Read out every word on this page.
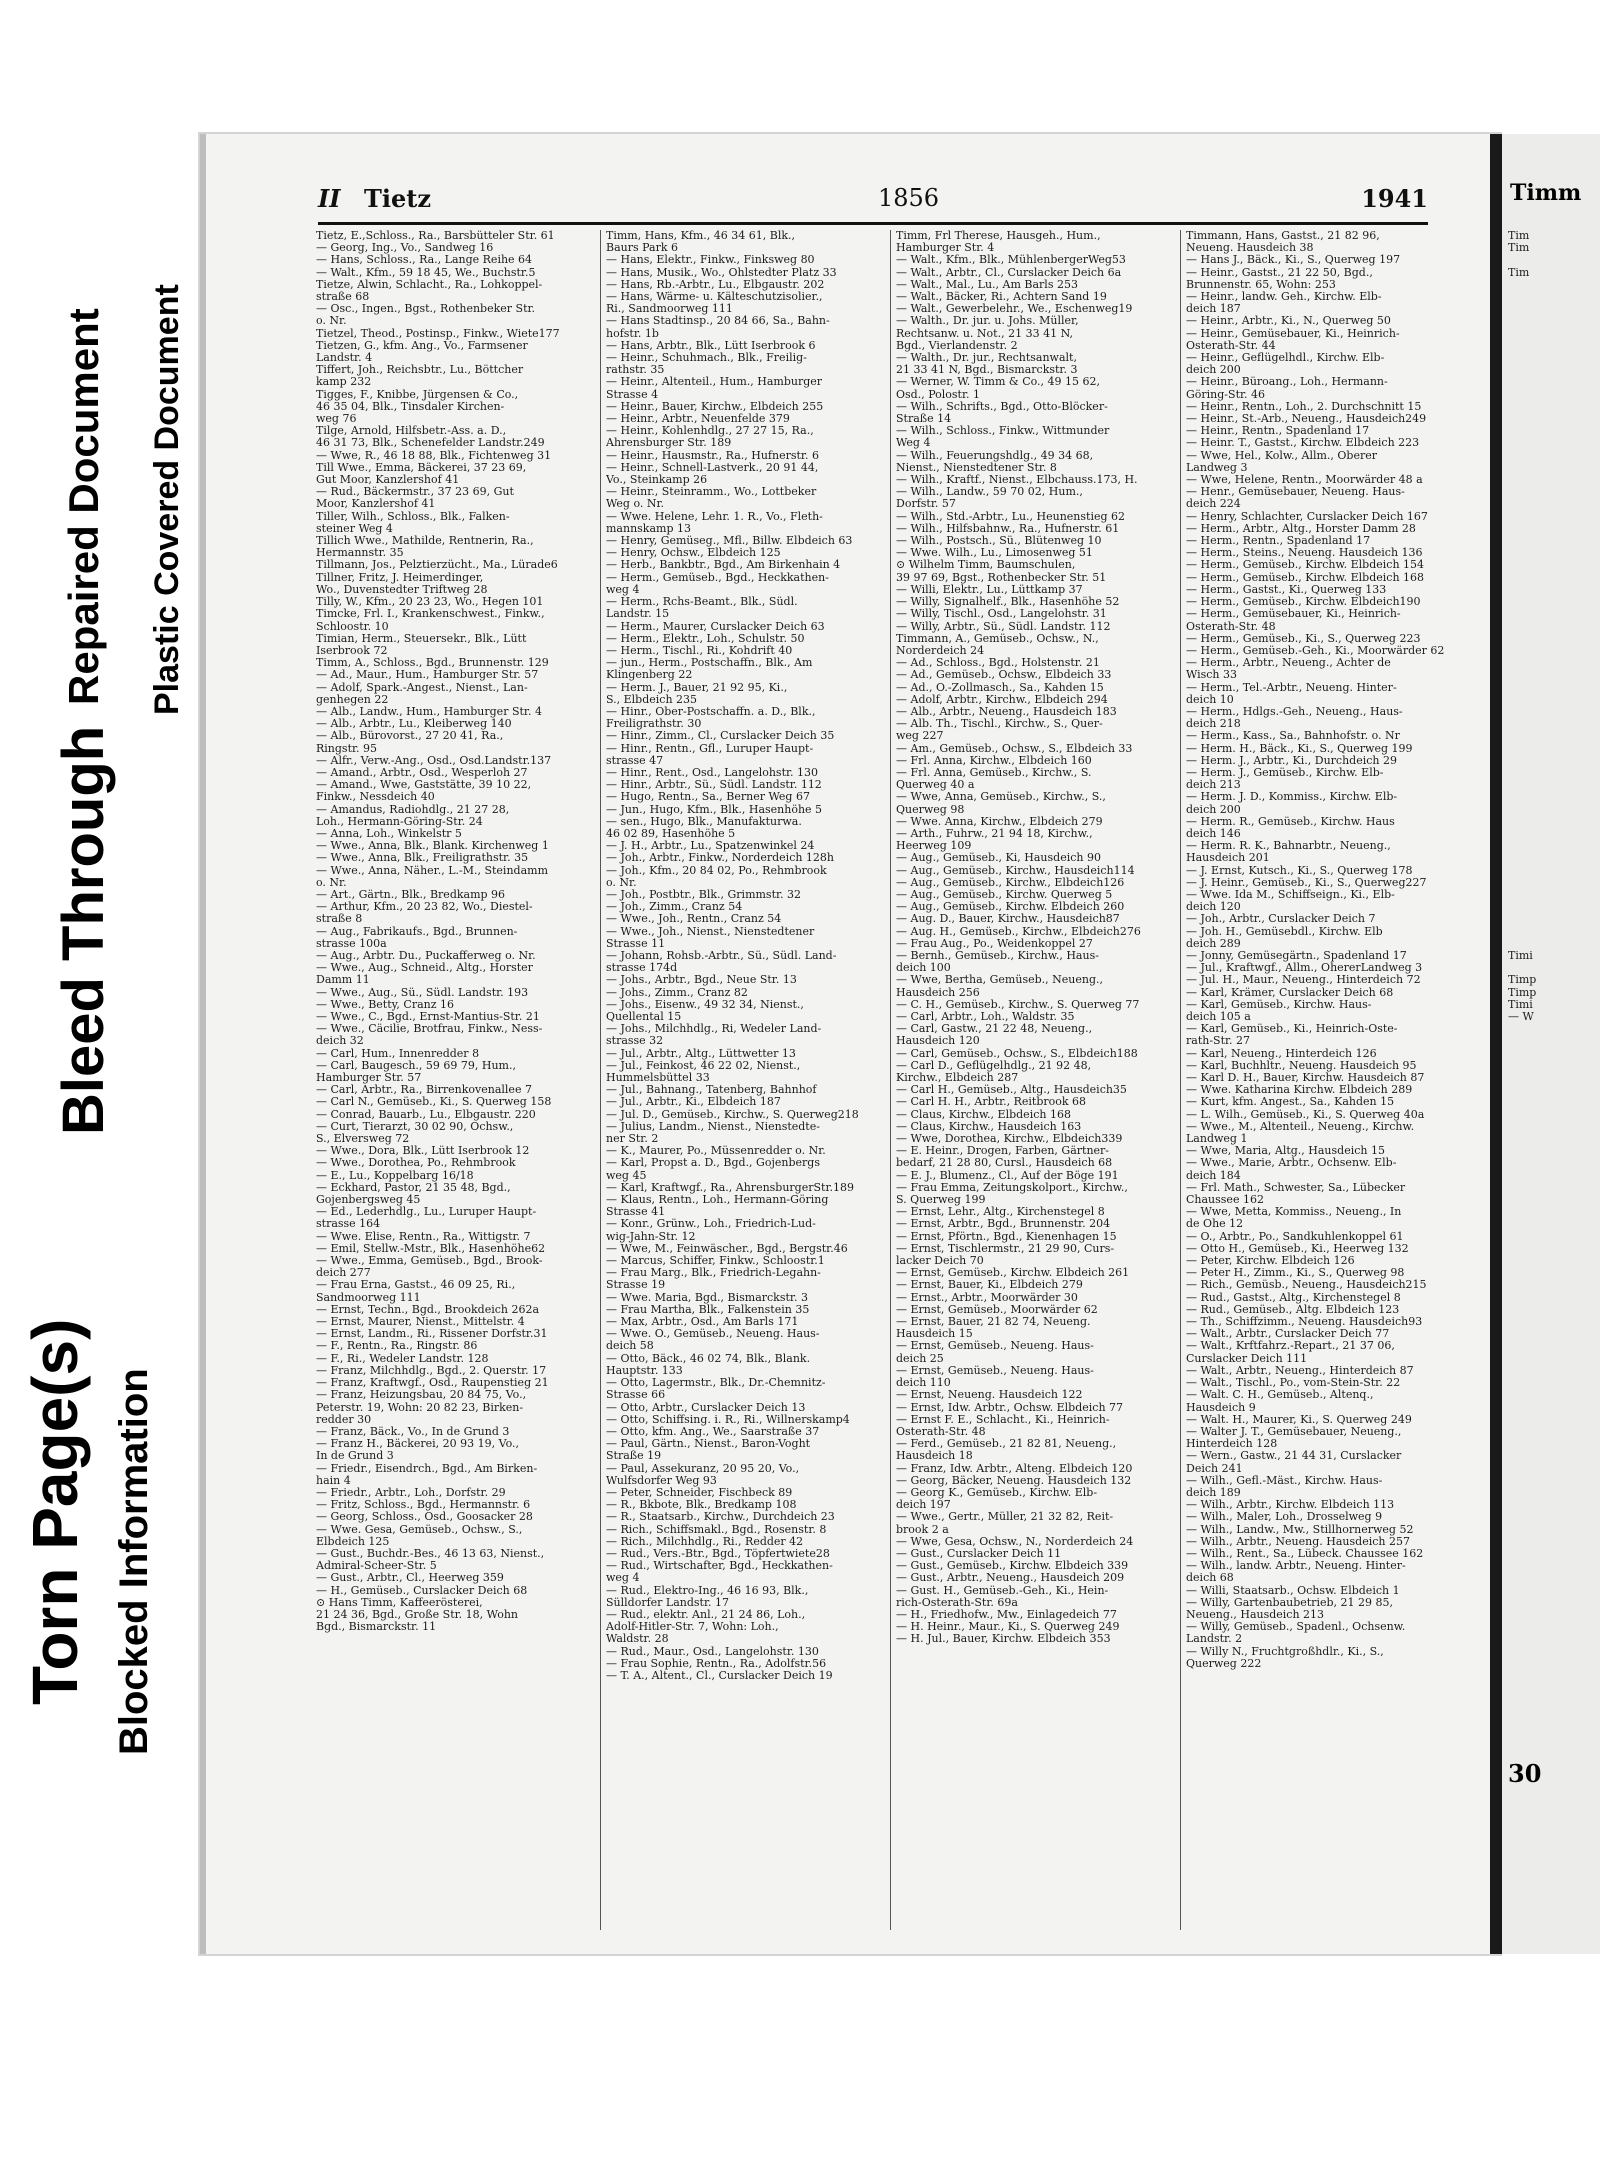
II Tietz	1856	1941
Tietz, E.,Schloss., Ra., Barsbütteler Str. 61
— Georg, Ing., Vo., Sandweg 16
— Hans, Schloss., Ra., Lange Reihe 64
— Walt., Kfm., 59 18 45, We., Buchstr.5
Tietze, Alwin, Schlacht., Ra., Lohkoppel-
straße 68
— Osc., Ingen., Bgst., Rothenbeker Str.
o. Nr.
Tietzel, Theod., Postinsp., Finkw., Wiete177
Tietzen, G., kfm. Ang., Vo., Farmsener
Landstr. 4
Tiffert, Joh., Reichsbtr., Lu., Böttcher
kamp 232
Tigges, F., Knibbe, Jürgensen & Co.,
46 35 04, Blk., Tinsdaler Kirchen-
weg 76
Tilge, Arnold, Hilfsbetr.-Ass. a. D.,
46 31 73, Blk., Schenefelder Landstr.249
— Wwe, R., 46 18 88, Blk., Fichtenweg 31
Till Wwe., Emma, Bäckerei, 37 23 69,
Gut Moor, Kanzlershof 41
— Rud., Bäckermstr., 37 23 69, Gut
Moor, Kanzlershof 41
Tiller, Wilh., Schloss., Blk., Falken-
steiner Weg 4
Tillich Wwe., Mathilde, Rentnerin, Ra.,
Hermannstr. 35
Tillmann, Jos., Pelztierzücht., Ma., Lürade6
Tillner, Fritz, J. Heimerdinger,
Wo., Duvenstedter Triftweg 28
Tilly, W., Kfm., 20 23 23, Wo., Hegen 101
Timcke, Frl. I., Krankenschwest., Finkw.,
Schloostr. 10
Timian, Herm., Steuersekr., Blk., Lütt
Iserbrook 72
Timm, A., Schloss., Bgd., Brunnenstr. 129
— Ad., Maur., Hum., Hamburger Str. 57
— Adolf, Spark.-Angest., Nienst., Lan-
genhegen 22
— Alb., Landw., Hum., Hamburger Str. 4
— Alb., Arbtr., Lu., Kleiberweg 140
— Alb., Bürovorst., 27 20 41, Ra.,
Ringstr. 95
— Alfr., Verw.-Ang., Osd., Osd.Landstr.137
— Amand., Arbtr., Osd., Wesperloh 27
— Amand., Wwe, Gaststätte, 39 10 22,
Finkw., Nessdeich 40
— Amandus, Radiohdlg., 21 27 28,
Loh., Hermann-Göring-Str. 24
— Anna, Loh., Winkelstr 5
— Wwe., Anna, Blk., Blank. Kirchenweg 1
— Wwe., Anna, Blk., Freiligrathstr. 35
— Wwe., Anna, Näher., L.-M., Steindamm
o. Nr.
— Art., Gärtn., Blk., Bredkamp 96
— Arthur, Kfm., 20 23 82, Wo., Diestel-
straße 8
— Aug., Fabrikaufs., Bgd., Brunnen-
strasse 100a
— Aug., Arbtr. Du., Puckafferweg o. Nr.
— Wwe., Aug., Schneid., Altg., Horster
Damm 11
— Wwe., Aug., Sü., Südl. Landstr. 193
— Wwe., Betty, Cranz 16
— Wwe., C., Bgd., Ernst-Mantius-Str. 21
— Wwe., Cäcilie, Brotfrau, Finkw., Ness-
deich 32
— Carl, Hum., Innenredder 8
— Carl, Baugesch., 59 69 79, Hum.,
Hamburger Str. 57
— Carl, Arbtr., Ra., Birrenkovenallee 7
— Carl N., Gemüseb., Ki., S. Querweg 158
— Conrad, Bauarb., Lu., Elbgaustr. 220
— Curt, Tierarzt, 30 02 90, Ochsw.,
S., Elversweg 72
— Wwe., Dora, Blk., Lütt Iserbrook 12
— Wwe., Dorothea, Po., Rehmbrook
— E., Lu., Koppelbarg 16/18
— Eckhard, Pastor, 21 35 48, Bgd.,
Gojenbergsweg 45
— Ed., Lederhdlg., Lu., Luruper Haupt-
strasse 164
— Wwe. Elise, Rentn., Ra., Wittigstr. 7
— Emil, Stellw.-Mstr., Blk., Hasenhöhe62
— Wwe., Emma, Gemüseb., Bgd., Brook-
deich 277
— Frau Erna, Gastst., 46 09 25, Ri.,
Sandmoorweg 111
— Ernst, Techn., Bgd., Brookdeich 262a
— Ernst, Maurer, Nienst., Mittelstr. 4
— Ernst, Landm., Ri., Rissener Dorfstr.31
— F., Rentn., Ra., Ringstr. 86
— F., Ri., Wedeler Landstr. 128
— Franz, Milchhdlg., Bgd., 2. Querstr. 17
— Franz, Kraftwgf., Osd., Raupenstieg 21
— Franz, Heizungsbau, 20 84 75, Vo.,
Peterstr. 19, Wohn: 20 82 23, Birken-
redder 30
— Franz, Bäck., Vo., In de Grund 3
— Franz H., Bäckerei, 20 93 19, Vo.,
In de Grund 3
— Friedr., Eisendrch., Bgd., Am Birken-
hain 4
— Friedr., Arbtr., Loh., Dorfstr. 29
— Fritz, Schloss., Bgd., Hermannstr. 6
— Georg, Schloss., Osd., Goosacker 28
— Wwe. Gesa, Gemüseb., Ochsw., S.,
Elbdeich 125
— Gust., Buchdr.-Bes., 46 13 63, Nienst.,
Admiral-Scheer-Str. 5
— Gust., Arbtr., Cl., Heerweg 359
— H., Gemüseb., Curslacker Deich 68
⊙ Hans Timm, Kaffeerösterei,
21 24 36, Bgd., Große Str. 18, Wohn
Bgd., Bismarckstr. 11
Timm, Hans, Kfm., 46 34 61, Blk.,
Baurs Park 6
— Hans, Elektr., Finkw., Finksweg 80
— Hans, Musik., Wo., Ohlstedter Platz 33
— Hans, Rb.-Arbtr., Lu., Elbgaustr. 202
— Hans, Wärme- u. Kälteschutzisolier.,
Ri., Sandmoorweg 111
— Hans Stadtinsp., 20 84 66, Sa., Bahn-
hofstr. 1b
— Hans, Arbtr., Blk., Lütt Iserbrook 6
— Heinr., Schuhmach., Blk., Freilig-
rathstr. 35
— Heinr., Altenteil., Hum., Hamburger
Strasse 4
— Heinr., Bauer, Kirchw., Elbdeich 255
— Heinr., Arbtr., Neuenfelde 379
— Heinr., Kohlenhdlg., 27 27 15, Ra.,
Ahrensburger Str. 189
— Heinr., Hausmstr., Ra., Hufnerstr. 6
— Heinr., Schnell-Lastverk., 20 91 44,
Vo., Steinkamp 26
— Heinr., Steinramm., Wo., Lottbeker
Weg o. Nr.
— Wwe. Helene, Lehr. 1. R., Vo., Fleth-
mannskamp 13
— Henry, Gemüseg., Mfl., Billw. Elbdeich 63
— Henry, Ochsw., Elbdeich 125
— Herb., Bankbtr., Bgd., Am Birkenhain 4
— Herm., Gemüseb., Bgd., Heckkathen-
weg 4
— Herm., Rchs-Beamt., Blk., Südl.
Landstr. 15
— Herm., Maurer, Curslacker Deich 63
— Herm., Elektr., Loh., Schulstr. 50
— Herm., Tischl., Ri., Kohdrift 40
— jun., Herm., Postschaffn., Blk., Am
Klingenberg 22
— Herm. J., Bauer, 21 92 95, Ki.,
S., Elbdeich 235
— Hinr., Ober-Postschaffn. a. D., Blk.,
Freiligrathstr. 30
— Hinr., Zimm., Cl., Curslacker Deich 35
— Hinr., Rentn., Gfl., Luruper Haupt-
strasse 47
— Hinr., Rent., Osd., Langelohstr. 130
— Hinr., Arbtr., Sü., Südl. Landstr. 112
— Hugo, Rentn., Sa., Berner Weg 67
— Jun., Hugo, Kfm., Blk., Hasenhöhe 5
— sen., Hugo, Blk., Manufakturwa.
46 02 89, Hasenhöhe 5
— J. H., Arbtr., Lu., Spatzenwinkel 24
— Joh., Arbtr., Finkw., Norderdeich 128h
— Joh., Kfm., 20 84 02, Po., Rehmbrook
o. Nr.
— Joh., Postbtr., Blk., Grimmstr. 32
— Joh., Zimm., Cranz 54
— Wwe., Joh., Rentn., Cranz 54
— Wwe., Joh., Nienst., Nienstedtener
Strasse 11
— Johann, Rohsb.-Arbtr., Sü., Südl. Land-
strasse 174d
— Johs., Arbtr., Bgd., Neue Str. 13
— Johs., Zimm., Cranz 82
— Johs., Eisenw., 49 32 34, Nienst.,
Quellental 15
— Johs., Milchhdlg., Ri, Wedeler Land-
strasse 32
— Jul., Arbtr., Altg., Lüttwetter 13
— Jul., Feinkost, 46 22 02, Nienst.,
Hummelsbüttel 33
— Jul., Bahnang., Tatenberg, Bahnhof
— Jul., Arbtr., Ki., Elbdeich 187
— Jul. D., Gemüseb., Kirchw., S. Querweg218
— Julius, Landm., Nienst., Nienstedte-
ner Str. 2
— K., Maurer, Po., Müssenredder o. Nr.
— Karl, Propst a. D., Bgd., Gojenbergs
weg 45
— Karl, Kraftwgf., Ra., AhrensburgerStr.189
— Klaus, Rentn., Loh., Hermann-Göring
Strasse 41
— Konr., Grünw., Loh., Friedrich-Lud-
wig-Jahn-Str. 12
— Wwe, M., Feinwäscher., Bgd., Bergstr.46
— Marcus, Schiffer, Finkw., Schloostr.1
— Frau Marg., Blk., Friedrich-Legahn-
Strasse 19
— Wwe. Maria, Bgd., Bismarckstr. 3
— Frau Martha, Blk., Falkenstein 35
— Max, Arbtr., Osd., Am Barls 171
— Wwe. O., Gemüseb., Neueng. Haus-
deich 58
— Otto, Bäck., 46 02 74, Blk., Blank.
Hauptstr. 133
— Otto, Lagermstr., Blk., Dr.-Chemnitz-
Strasse 66
— Otto, Arbtr., Curslacker Deich 13
— Otto, Schiffsing. i. R., Ri., Willnerskamp4
— Otto, kfm. Ang., We., Saarstraße 37
— Paul, Gärtn., Nienst., Baron-Voght
Straße 19
— Paul, Assekuranz, 20 95 20, Vo.,
Wulfsdorfer Weg 93
— Peter, Schneider, Fischbeck 89
— R., Bkbote, Blk., Bredkamp 108
— R., Staatsarb., Kirchw., Durchdeich 23
— Rich., Schiffsmakl., Bgd., Rosenstr. 8
— Rich., Milchhdlg., Ri., Redder 42
— Rud., Vers.-Btr., Bgd., Töpfertwiete28
— Rud., Wirtschafter, Bgd., Heckkathen-
weg 4
— Rud., Elektro-Ing., 46 16 93, Blk.,
Sülldorfer Landstr. 17
— Rud., elektr. Anl., 21 24 86, Loh.,
Adolf-Hitler-Str. 7, Wohn: Loh.,
Waldstr. 28
— Rud., Maur., Osd., Langelohstr. 130
— Frau Sophie, Rentn., Ra., Adolfstr.56
— T. A., Altent., Cl., Curslacker Deich 19
Timm, Frl Therese, Hausgeh., Hum.,
Hamburger Str. 4
— Walt., Kfm., Blk., MühlenbergerWeg53
— Walt., Arbtr., Cl., Curslacker Deich 6a
— Walt., Mal., Lu., Am Barls 253
— Walt., Bäcker, Ri., Achtern Sand 19
— Walt., Gewerbelehr., We., Eschenweg19
— Walth., Dr. jur. u. Johs. Müller,
Rechtsanw. u. Not., 21 33 41 N,
Bgd., Vierlandenstr. 2
— Walth., Dr. jur., Rechtsanwalt,
21 33 41 N, Bgd., Bismarckstr. 3
— Werner, W. Timm & Co., 49 15 62,
Osd., Polostr. 1
— Wilh., Schrifts., Bgd., Otto-Blöcker-
Straße 14
— Wilh., Schloss., Finkw., Wittmunder
Weg 4
— Wilh., Feuerungshdlg., 49 34 68,
Nienst., Nienstedtener Str. 8
— Wilh., Kraftf., Nienst., Elbchauss.173, H.
— Wilh., Landw., 59 70 02, Hum.,
Dorfstr. 57
— Wilh., Std.-Arbtr., Lu., Heunenstieg 62
— Wilh., Hilfsbahnw., Ra., Hufnerstr. 61
— Wilh., Postsch., Sü., Blütenweg 10
— Wwe. Wilh., Lu., Limosenweg 51
⊙ Wilhelm Timm, Baumschulen,
39 97 69, Bgst., Rothenbecker Str. 51
— Willi, Elektr., Lu., Lüttkamp 37
— Willy, Signalhelf., Blk., Hasenhöhe 52
— Willy, Tischl., Osd., Langelohstr. 31
— Willy, Arbtr., Sü., Südl. Landstr. 112
Timmann, A., Gemüseb., Ochsw., N.,
Norderdeich 24
— Ad., Schloss., Bgd., Holstenstr. 21
— Ad., Gemüseb., Ochsw., Elbdeich 33
— Ad., O.-Zollmasch., Sa., Kahden 15
— Adolf, Arbtr., Kirchw., Elbdeich 294
— Alb., Arbtr., Neueng., Hausdeich 183
— Alb. Th., Tischl., Kirchw., S., Quer-
weg 227
— Am., Gemüseb., Ochsw., S., Elbdeich 33
— Frl. Anna, Kirchw., Elbdeich 160
— Frl. Anna, Gemüseb., Kirchw., S.
Querweg 40 a
— Wwe, Anna, Gemüseb., Kirchw., S.,
Querweg 98
— Wwe. Anna, Kirchw., Elbdeich 279
— Arth., Fuhrw., 21 94 18, Kirchw.,
Heerweg 109
— Aug., Gemüseb., Ki, Hausdeich 90
— Aug., Gemüseb., Kirchw., Hausdeich114
— Aug., Gemüseb., Kirchw., Elbdeich126
— Aug., Gemüseb., Kirchw. Querweg 5
— Aug., Gemüseb., Kirchw. Elbdeich 260
— Aug. D., Bauer, Kirchw., Hausdeich87
— Aug. H., Gemüseb., Kirchw., Elbdeich276
— Frau Aug., Po., Weidenkoppel 27
— Bernh., Gemüseb., Kirchw., Haus-
deich 100
— Wwe, Bertha, Gemüseb., Neueng.,
Hausdeich 256
— C. H., Gemüseb., Kirchw., S. Querweg 77
— Carl, Arbtr., Loh., Waldstr. 35
— Carl, Gastw., 21 22 48, Neueng.,
Hausdeich 120
— Carl, Gemüseb., Ochsw., S., Elbdeich188
— Carl D., Geflügelhdlg., 21 92 48,
Kirchw., Elbdeich 287
— Carl H., Gemüseb., Altg., Hausdeich35
— Carl H. H., Arbtr., Reitbrook 68
— Claus, Kirchw., Elbdeich 168
— Claus, Kirchw., Hausdeich 163
— Wwe, Dorothea, Kirchw., Elbdeich339
— E. Heinr., Drogen, Farben, Gärtner-
bedarf, 21 28 80, Cursl., Hausdeich 68
— E. J., Blumenz., Cl., Auf der Böge 191
— Frau Emma, Zeitungskolport., Kirchw.,
S. Querweg 199
— Ernst, Lehr., Altg., Kirchenstegel 8
— Ernst, Arbtr., Bgd., Brunnenstr. 204
— Ernst, Pförtn., Bgd., Kienenhagen 15
— Ernst, Tischlermstr., 21 29 90, Curs-
lacker Deich 70
— Ernst, Gemüseb., Kirchw. Elbdeich 261
— Ernst, Bauer, Ki., Elbdeich 279
— Ernst., Arbtr., Moorwärder 30
— Ernst, Gemüseb., Moorwärder 62
— Ernst, Bauer, 21 82 74, Neueng.
Hausdeich 15
— Ernst, Gemüseb., Neueng. Haus-
deich 25
— Ernst, Gemüseb., Neueng. Haus-
deich 110
— Ernst, Neueng. Hausdeich 122
— Ernst, Idw. Arbtr., Ochsw. Elbdeich 77
— Ernst F. E., Schlacht., Ki., Heinrich-
Osterath-Str. 48
— Ferd., Gemüseb., 21 82 81, Neueng.,
Hausdeich 18
— Franz, Idw. Arbtr., Alteng. Elbdeich 120
— Georg, Bäcker, Neueng. Hausdeich 132
— Georg K., Gemüseb., Kirchw. Elb-
deich 197
— Wwe., Gertr., Müller, 21 32 82, Reit-
brook 2 a
— Wwe, Gesa, Ochsw., N., Norderdeich 24
— Gust., Curslacker Deich 11
— Gust., Gemüseb., Kirchw. Elbdeich 339
— Gust., Arbtr., Neueng., Hausdeich 209
— Gust. H., Gemüseb.-Geh., Ki., Hein-
rich-Osterath-Str. 69a
— H., Friedhofw., Mw., Einlagedeich 77
— H. Heinr., Maur., Ki., S. Querweg 249
— H. Jul., Bauer, Kirchw. Elbdeich 353
Timmann, Hans, Gastst., 21 82 96,
Neueng. Hausdeich 38
— Hans J., Bäck., Ki., S., Querweg 197
— Heinr., Gastst., 21 22 50, Bgd.,
Brunnenstr. 65, Wohn: 253
— Heinr., landw. Geh., Kirchw. Elb-
deich 187
— Heinr., Arbtr., Ki., N., Querweg 50
— Heinr., Gemüsebauer, Ki., Heinrich-
Osterath-Str. 44
— Heinr., Geflügelhdl., Kirchw. Elb-
deich 200
— Heinr., Büroang., Loh., Hermann-
Göring-Str. 46
— Heinr., Rentn., Loh., 2. Durchschnitt 15
— Heinr., St.-Arb., Neueng., Hausdeich249
— Heinr., Rentn., Spadenland 17
— Heinr. T., Gastst., Kirchw. Elbdeich 223
— Wwe, Hel., Kolw., Allm., Oberer
Landweg 3
— Wwe, Helene, Rentn., Moorwärder 48 a
— Henr., Gemüsebauer, Neueng. Haus-
deich 224
— Henry, Schlachter, Curslacker Deich 167
— Herm., Arbtr., Altg., Horster Damm 28
— Herm., Rentn., Spadenland 17
— Herm., Steins., Neueng. Hausdeich 136
— Herm., Gemüseb., Kirchw. Elbdeich 154
— Herm., Gemüseb., Kirchw. Elbdeich 168
— Herm., Gastst., Ki., Querweg 133
— Herm., Gemüseb., Kirchw. Elbdeich190
— Herm., Gemüsebauer, Ki., Heinrich-
Osterath-Str. 48
— Herm., Gemüseb., Ki., S., Querweg 223
— Herm., Gemüseb.-Geh., Ki., Moorwärder 62
— Herm., Arbtr., Neueng., Achter de
Wisch 33
— Herm., Tel.-Arbtr., Neueng. Hinter-
deich 10
— Herm., Hdlgs.-Geh., Neueng., Haus-
deich 218
— Herm., Kass., Sa., Bahnhofstr. o. Nr
— Herm. H., Bäck., Ki., S., Querweg 199
— Herm. J., Arbtr., Ki., Durchdeich 29
— Herm. J., Gemüseb., Kirchw. Elb-
deich 213
— Herm. J. D., Kommiss., Kirchw. Elb-
deich 200
— Herm. R., Gemüseb., Kirchw. Haus
deich 146
— Herm. R. K., Bahnarbtr., Neueng.,
Hausdeich 201
— J. Ernst, Kutsch., Ki., S., Querweg 178
— J. Heinr., Gemüseb., Ki., S., Querweg227
— Wwe. Ida M., Schiffseign., Ki., Elb-
deich 120
— Joh., Arbtr., Curslacker Deich 7
— Joh. H., Gemüsebdl., Kirchw. Elb
deich 289
— Jonny, Gemüsegärtn., Spadenland 17
— Jul., Kraftwgf., Allm., OhererLandweg 3
— Jul. H., Maur., Neueng., Hinterdeich 72
— Karl, Krämer, Curslacker Deich 68
— Karl, Gemüseb., Kirchw. Haus-
deich 105 a
— Karl, Gemüseb., Ki., Heinrich-Oste-
rath-Str. 27
— Karl, Neueng., Hinterdeich 126
— Karl, Buchhltr., Neueng. Hausdeich 95
— Karl D. H., Bauer, Kirchw. Hausdeich 87
— Wwe. Katharina Kirchw. Elbdeich 289
— Kurt, kfm. Angest., Sa., Kahden 15
— L. Wilh., Gemüseb., Ki., S. Querweg 40a
— Wwe., M., Altenteil., Neueng., Kirchw.
Landweg 1
— Wwe, Maria, Altg., Hausdeich 15
— Wwe., Marie, Arbtr., Ochsenw. Elb-
deich 184
— Frl. Math., Schwester, Sa., Lübecker
Chaussee 162
— Wwe, Metta, Kommiss., Neueng., In
de Ohe 12
— O., Arbtr., Po., Sandkuhlenkoppel 61
— Otto H., Gemüseb., Ki., Heerweg 132
— Peter, Kirchw. Elbdeich 126
— Peter H., Zimm., Ki., S., Querweg 98
— Rich., Gemüsb., Neueng., Hausdeich215
— Rud., Gastst., Altg., Kirchenstegel 8
— Rud., Gemüseb., Altg. Elbdeich 123
— Th., Schiffzimm., Neueng. Hausdeich93
— Walt., Arbtr., Curslacker Deich 77
— Walt., Krftfahrz.-Repart., 21 37 06,
Curslacker Deich 111
— Walt., Arbtr., Neueng., Hinterdeich 87
— Walt., Tischl., Po., vom-Stein-Str. 22
— Walt. C. H., Gemüseb., Altenq.,
Hausdeich 9
— Walt. H., Maurer, Ki., S. Querweg 249
— Walter J. T., Gemüsebauer, Neueng.,
Hinterdeich 128
— Wern., Gastw., 21 44 31, Curslacker
Deich 241
— Wilh., Gefl.-Mäst., Kirchw. Haus-
deich 189
— Wilh., Arbtr., Kirchw. Elbdeich 113
— Wilh., Maler, Loh., Drosselweg 9
— Wilh., Landw., Mw., Stillhornerweg 52
— Wilh., Arbtr., Neueng. Hausdeich 257
— Wilh., Rent., Sa., Lübeck. Chaussee 162
— Wilh., landw. Arbtr., Neueng. Hinter-
deich 68
— Willi, Staatsarb., Ochsw. Elbdeich 1
— Willy, Gartenbaubetrieb, 21 29 85,
Neueng., Hausdeich 213
— Willy, Gemüseb., Spadenl., Ochsenw.
Landstr. 2
— Willy N., Fruchtgroßhdlr., Ki., S.,
Querweg 222
Timm
Tim
Tim

Tim

Timi

Timp
Timp
Timi
— W
30
Repaired Document Plastic Covered Document
Bleed Through
Torn Page(s) Blocked Information
